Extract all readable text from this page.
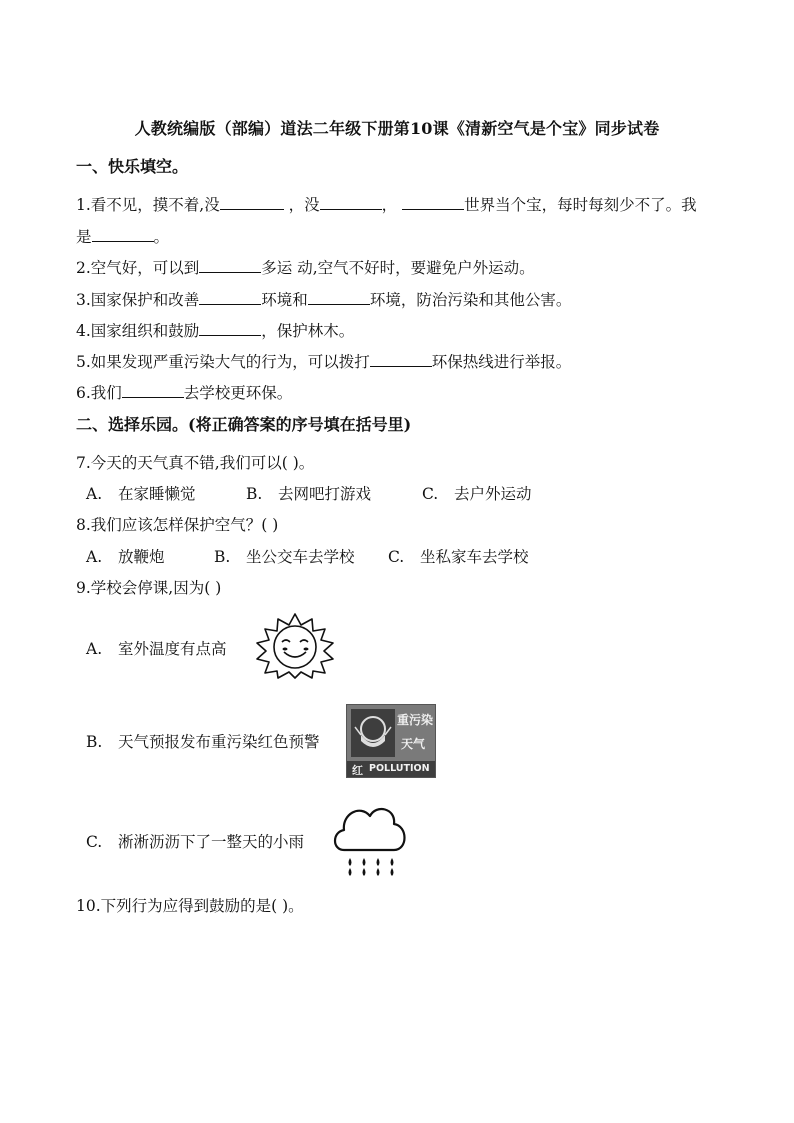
人教统编版（部编）道法二年级下册第10课《清新空气是个宝》同步试卷
一、快乐填空。
1.看不见，摸不着,没	，没	，	世界当个宝，每时每刻少不了。我
是	。
2.空气好，可以到	多运 动,空气不好时，要避免户外运动。
3.国家保护和改善	环境和	环境，防治污染和其他公害。
4.国家组织和鼓励	，保护林木。
5.如果发现严重污染大气的行为，可以拨打	环保热线进行举报。
6.我们	去学校更环保。
二、选择乐园。(将正确答案的序号填在括号里)
7.今天的天气真不错,我们可以( )。
A. 在家睡懒觉	B. 去网吧打游戏	C. 去户外运动
8.我们应该怎样保护空气？( )
A. 放鞭炮	B. 坐公交车去学校 C. 坐私家车去学校
9.学校会停课,因为( )
A. 室外温度有点高
B. 天气预报发布重污染红色预警
重污染
天气
红 POLLUTION
C. 淅淅沥沥下了一整天的小雨
10.下列行为应得到鼓励的是( )。
